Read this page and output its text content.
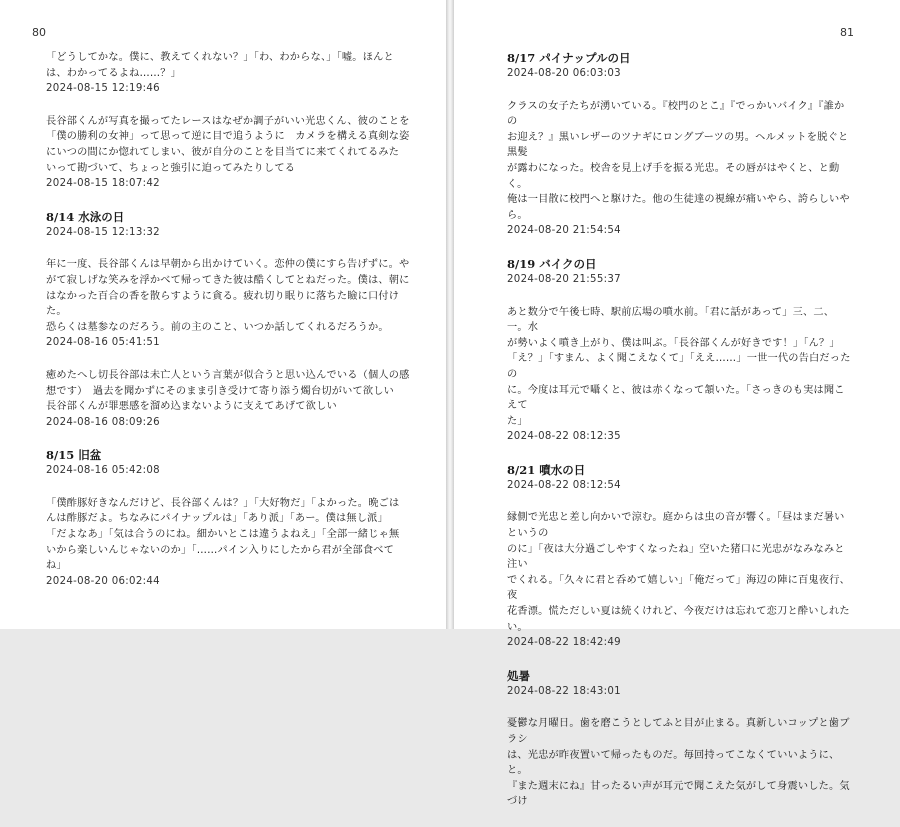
80

「どうしてかな。僕に、教えてくれない？」「わ、わからな、」「嘘。ほんと
は、わかってるよね……？」

2024-08-15 12:19:46

長谷部くんが写真を撮ってたレースはなぜか調子がいい光忠くん、彼のことを
「僕の勝利の女神」って思って逆に目で追うように　カメラを構える真剣な姿
にいつの間にか惚れてしまい、彼が自分のことを目当てに来てくれてるみた
いって勘づいて、ちょっと強引に迫ってみたりしてる

2024-08-15 18:07:42

8/14 水泳の日

2024-08-15 12:13:32

年に一度、長谷部くんは早朝から出かけていく。恋仲の僕にすら告げずに。や
がて寂しげな笑みを浮かべて帰ってきた彼は酷くしてとねだった。僕は、朝に
はなかった百合の香を散らすように貪る。疲れ切り眠りに落ちた瞼に口付けた。
恐らくは墓参なのだろう。前の主のこと、いつか話してくれるだろうか。

2024-08-16 05:41:51

癒めたへし切長谷部は未亡人という言葉が似合うと思い込んでいる（個人の感
想です）　過去を聞かずにそのまま引き受けて寄り添う燭台切がいて欲しい
長谷部くんが罪悪感を溜め込まないように支えてあげて欲しい

2024-08-16 08:09:26

8/15 旧盆

2024-08-16 05:42:08

「僕酢豚好きなんだけど、長谷部くんは？」「大好物だ」「よかった。晩ごは
んは酢豚だよ。ちなみにパイナップルは」「あり派」「あー。僕は無し派」
「だよなあ」「気は合うのにね。細かいとこは違うよねえ」「全部一緒じゃ無
いから楽しいんじゃないのか」「……パイン入りにしたから君が全部食べて
ね」

2024-08-20 06:02:44

81

8/17 パイナップルの日

2024-08-20 06:03:03

クラスの女子たちが湧いている。『校門のとこ』『でっかいバイク』『誰かの
お迎え？』黒いレザーのツナギにロングブーツの男。ヘルメットを脱ぐと黒髪
が露わになった。校舎を見上げ手を振る光忠。その唇がはやくと、と動く。
俺は一目散に校門へと駆けた。他の生徒達の視線が痛いやら、誇らしいやら。

2024-08-20 21:54:54

8/19 バイクの日

2024-08-20 21:55:37

あと数分で午後七時、駅前広場の噴水前。「君に話があって」三、二、一。水
が勢いよく噴き上がり、僕は叫ぶ。「長谷部くんが好きです！」「ん？」
「え？」「すまん、よく聞こえなくて」「ええ……」一世一代の告白だったの
に。今度は耳元で囁くと、彼は赤くなって頷いた。「さっきのも実は聞こえて
た」

2024-08-22 08:12:35

8/21 噴水の日

2024-08-22 08:12:54

縁側で光忠と差し向かいで涼む。庭からは虫の音が響く。「昼はまだ暑いというの
のに」「夜は大分過ごしやすくなったね」空いた猪口に光忠がなみなみと注い
でくれる。「久々に君と呑めて嬉しい」「俺だって」海辺の陣に百鬼夜行、夜
花香漂。慌ただしい夏は続くけれど、今夜だけは忘れて恋刀と酔いしれたい。

2024-08-22 18:42:49

処暑

2024-08-22 18:43:01

憂鬱な月曜日。歯を磨こうとしてふと目が止まる。真新しいコップと歯ブラシ
は、光忠が昨夜置いて帰ったものだ。毎回持ってこなくていいように、と。
『また週末にね』甘ったるい声が耳元で聞こえた気がして身震いした。気づけ
